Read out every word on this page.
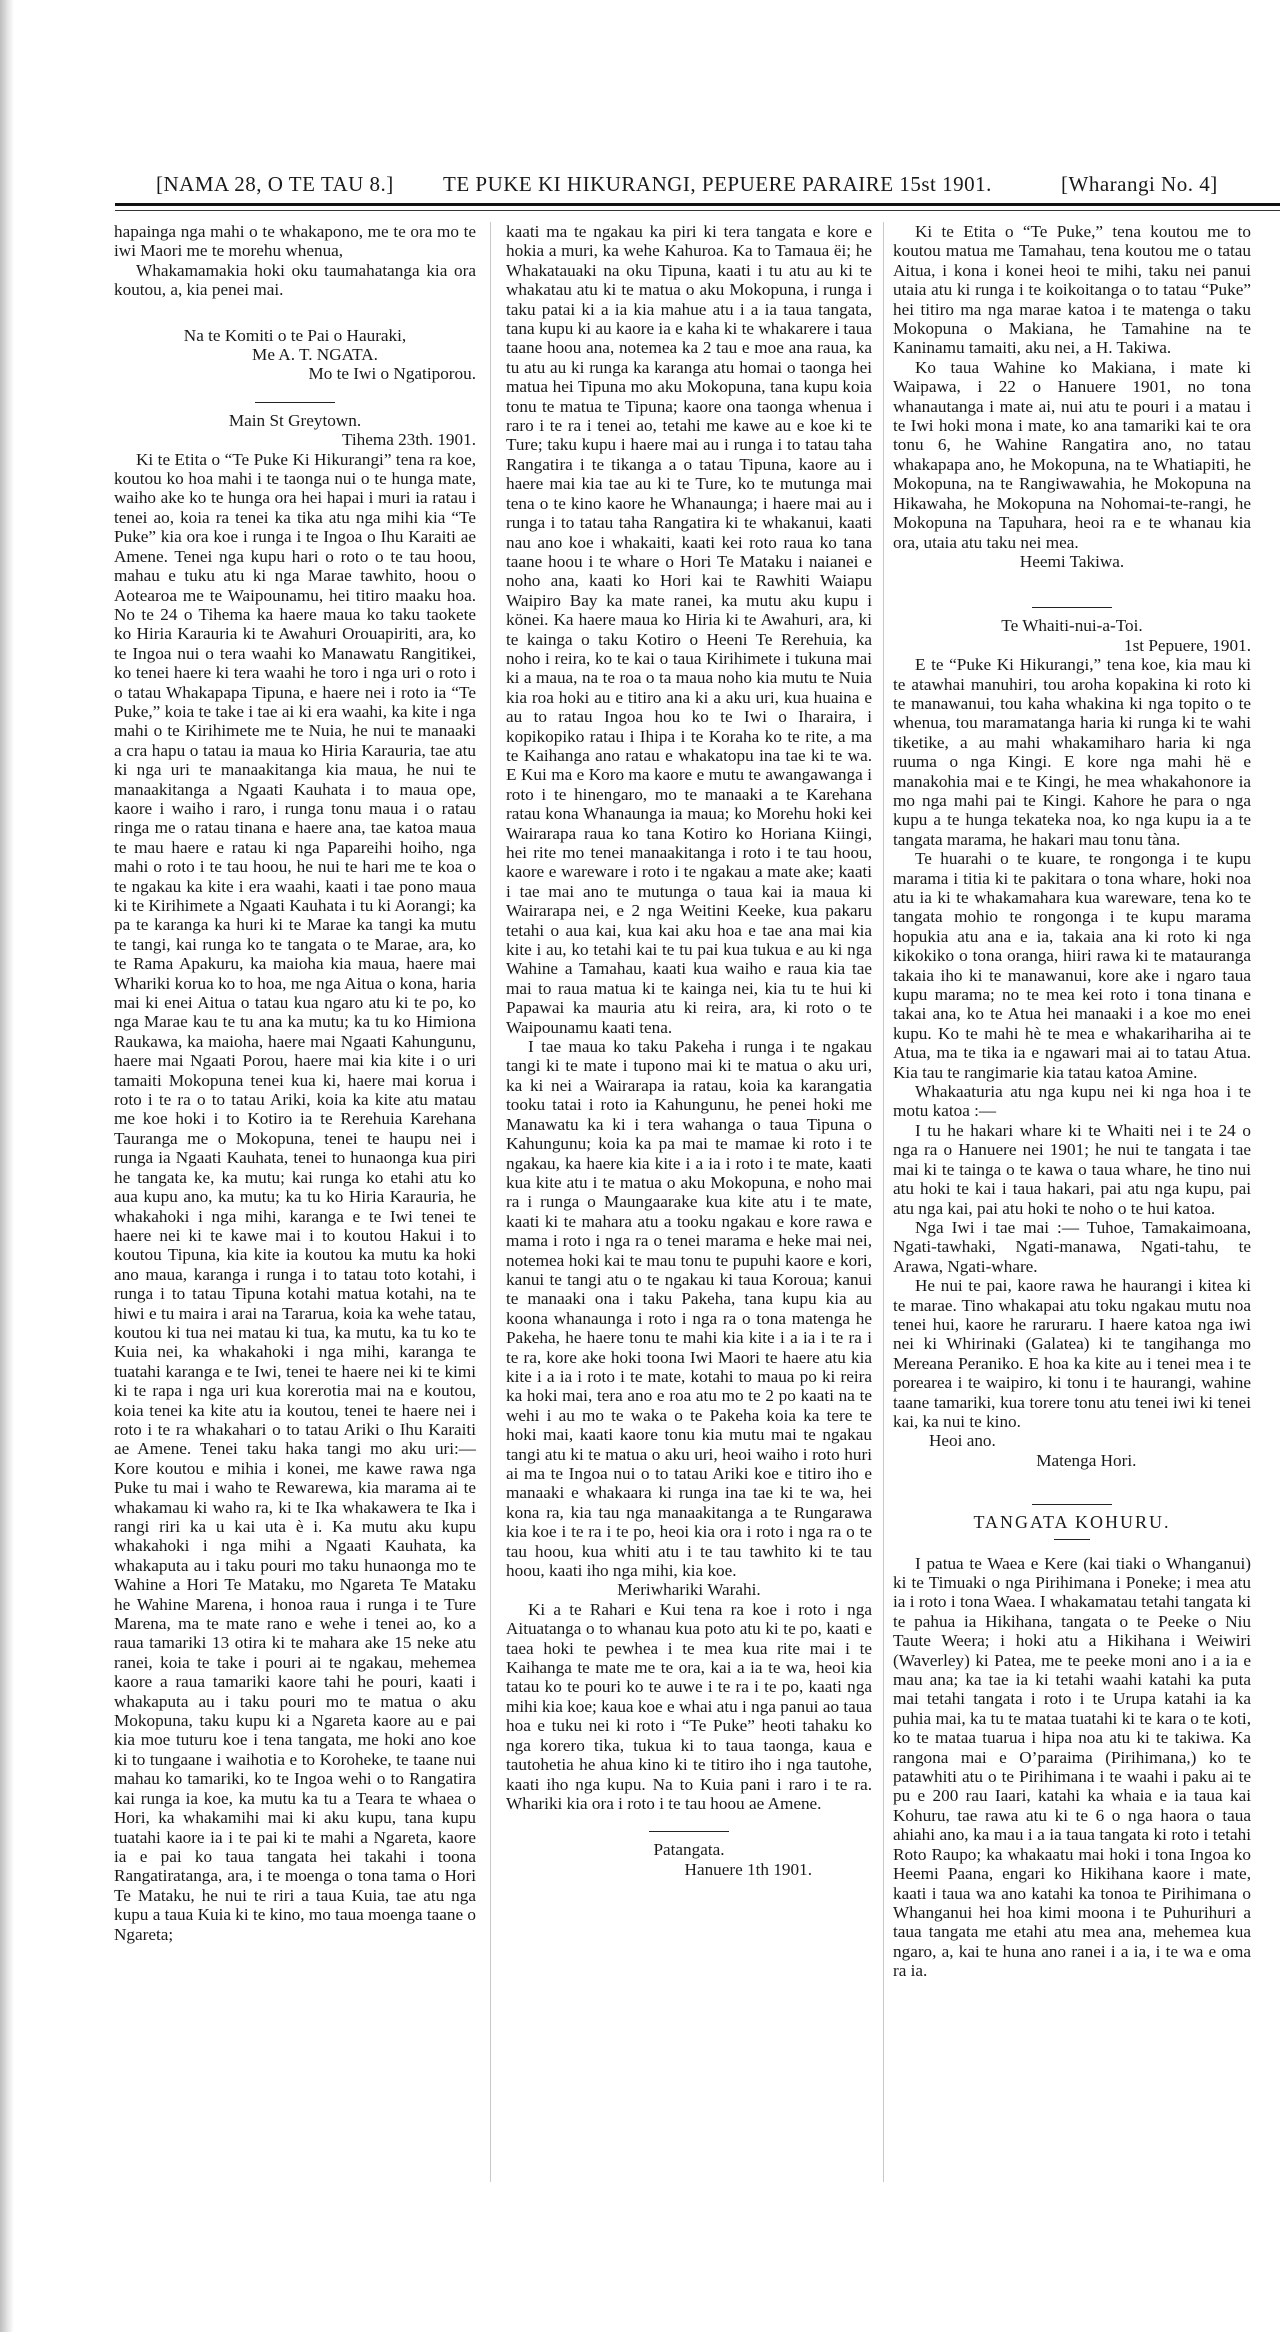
[NAMA 28, O TE TAU 8.] TE PUKE KI HIKURANGI, PEPUERE PARAIRE 15st 1901.	[Wharangi No. 4]

hapainga nga mahi o te whakapono, me te ora mo te iwi Maori me te morehu whenua,

Whakamamakia hoki oku taumahatanga kia ora koutou, a, kia penei mai.

Na te Komiti o te Pai o Hauraki,

Me A. T. NGATA.

Mo te Iwi o Ngatiporou.

Main St Greytown.

Tihema 23th. 1901.

Ki te Etita o “Te Puke Ki Hikurangi” tena ra koe, koutou ko hoa mahi i te taonga nui o te hunga mate, waiho ake ko te hunga ora hei hapai i muri ia ratau i tenei ao, koia ra tenei ka tika atu nga mihi kia “Te Puke” kia ora koe i runga i te Ingoa o Ihu Karaiti ae Amene. Tenei nga kupu hari o roto o te tau hoou, mahau e tuku atu ki nga Marae tawhito, hoou o Aotearoa me te Waipounamu, hei titiro maaku hoa. No te 24 o Tihema ka haere maua ko taku taokete ko Hiria Karauria ki te Awahuri Orouapiriti, ara, ko te Ingoa nui o tera waahi ko Manawatu Rangitikei, ko tenei haere ki tera waahi he toro i nga uri o roto i o tatau Whakapapa Tipuna, e haere nei i roto ia “Te Puke,” koia te take i tae ai ki era waahi, ka kite i nga mahi o te Kirihimete me te Nuia, he nui te manaaki a cra hapu o tatau ia maua ko Hiria Karauria, tae atu ki nga uri te manaakitanga kia maua, he nui te manaakitanga a Ngaati Kauhata i to maua ope, kaore i waiho i raro, i runga tonu maua i o ratau ringa me o ratau tinana e haere ana, tae katoa maua te mau haere e ratau ki nga Papareihi hoiho, nga mahi o roto i te tau hoou, he nui te hari me te koa o te ngakau ka kite i era waahi, kaati i tae pono maua ki te Kirihimete a Ngaati Kauhata i tu ki Aorangi; ka pa te karanga ka huri ki te Marae ka tangi ka mutu te tangi, kai runga ko te tangata o te Marae, ara, ko te Rama Apakuru, ka maioha kia maua, haere mai Whariki korua ko to hoa, me nga Aitua o kona, haria mai ki enei Aitua o tatau kua ngaro atu ki te po, ko nga Marae kau te tu ana ka mutu; ka tu ko Himiona Raukawa, ka maioha, haere mai Ngaati Kahungunu, haere mai Ngaati Porou, haere mai kia kite i o uri tamaiti Mokopuna tenei kua ki, haere mai korua i roto i te ra o to tatau Ariki, koia ka kite atu matau me koe hoki i to Kotiro ia te Rerehuia Karehana Tauranga me o Mokopuna, tenei te haupu nei i runga ia Ngaati Kauhata, tenei to hunaonga kua piri he tangata ke, ka mutu; kai runga ko etahi atu ko aua kupu ano, ka mutu; ka tu ko Hiria Karauria, he whakahoki i nga mihi, karanga e te Iwi tenei te haere nei ki te kawe mai i to koutou Hakui i to koutou Tipuna, kia kite ia koutou ka mutu ka hoki ano maua, karanga i runga i to tatau toto kotahi, i runga i to tatau Tipuna kotahi matua kotahi, na te hiwi e tu maira i arai na Tararua, koia ka wehe tatau, koutou ki tua nei matau ki tua, ka mutu, ka tu ko te Kuia nei, ka whakahoki i nga mihi, karanga te tuatahi karanga e te Iwi, tenei te haere nei ki te kimi ki te rapa i nga uri kua korerotia mai na e koutou, koia tenei ka kite atu ia koutou, tenei te haere nei i roto i te ra whakahari o to tatau Ariki o Ihu Karaiti ae Amene. Tenei taku haka tangi mo aku uri:— Kore koutou e mihia i konei, me kawe rawa nga Puke tu mai i waho te Rewarewa, kia marama ai te whakamau ki waho ra, ki te Ika whakawera te Ika i rangi riri ka u kai uta è i. Ka mutu aku kupu whakahoki i nga mihi a Ngaati Kauhata, ka whakaputa au i taku pouri mo taku hunaonga mo te Wahine a Hori Te Mataku, mo Ngareta Te Mataku he Wahine Marena, i honoa raua i runga i te Ture Marena, ma te mate rano e wehe i tenei ao, ko a raua tamariki 13 otira ki te mahara ake 15 neke atu ranei, koia te take i pouri ai te ngakau, mehemea kaore a raua tamariki kaore tahi he pouri, kaati i whakaputa au i taku pouri mo te matua o aku Mokopuna, taku kupu ki a Ngareta kaore au e pai kia moe tuturu koe i tena tangata, me hoki ano koe ki to tungaane i waihotia e to Koroheke, te taane nui mahau ko tamariki, ko te Ingoa wehi o to Rangatira kai runga ia koe, ka mutu ka tu a Teara te whaea o Hori, ka whakamihi mai ki aku kupu, tana kupu tuatahi kaore ia i te pai ki te mahi a Ngareta, kaore ia e pai ko taua tangata hei takahi i toona Rangatiratanga, ara, i te moenga o tona tama o Hori Te Mataku, he nui te riri a taua Kuia, tae atu nga kupu a taua Kuia ki te kino, mo taua moenga taane o Ngareta;

kaati ma te ngakau ka piri ki tera tangata e kore e hokia a muri, ka wehe Kahuroa. Ka to Tamaua ëi; he Whakatauaki na oku Tipuna, kaati i tu atu au ki te whakatau atu ki te matua o aku Mokopuna, i runga i taku patai ki a ia kia mahue atu i a ia taua tangata, tana kupu ki au kaore ia e kaha ki te whakarere i taua taane hoou ana, notemea ka 2 tau e moe ana raua, ka tu atu au ki runga ka karanga atu homai o taonga hei matua hei Tipuna mo aku Mokopuna, tana kupu koia tonu te matua te Tipuna; kaore ona taonga whenua i raro i te ra i tenei ao, tetahi me kawe au e koe ki te Ture; taku kupu i haere mai au i runga i to tatau taha Rangatira i te tikanga a o tatau Tipuna, kaore au i haere mai kia tae au ki te Ture, ko te mutunga mai tena o te kino kaore he Whanaunga; i haere mai au i runga i to tatau taha Rangatira ki te whakanui, kaati nau ano koe i whakaiti, kaati kei roto raua ko tana taane hoou i te whare o Hori Te Mataku i naianei e noho ana, kaati ko Hori kai te Rawhiti Waiapu Waipiro Bay ka mate ranei, ka mutu aku kupu i könei. Ka haere maua ko Hiria ki te Awahuri, ara, ki te kainga o taku Kotiro o Heeni Te Rerehuia, ka noho i reira, ko te kai o taua Kirihimete i tukuna mai ki a maua, na te roa o ta maua noho kia mutu te Nuia kia roa hoki au e titiro ana ki a aku uri, kua huaina e au to ratau Ingoa hou ko te Iwi o Iharaira, i kopikopiko ratau i Ihipa i te Koraha ko te rite, a ma te Kaihanga ano ratau e whakatopu ina tae ki te wa. E Kui ma e Koro ma kaore e mutu te awangawanga i roto i te hinengaro, mo te manaaki a te Karehana ratau kona Whanaunga ia maua; ko Morehu hoki kei Wairarapa raua ko tana Kotiro ko Horiana Kiingi, hei rite mo tenei manaakitanga i roto i te tau hoou, kaore e wareware i roto i te ngakau a mate ake; kaati i tae mai ano te mutunga o taua kai ia maua ki Wairarapa nei, e 2 nga Weitini Keeke, kua pakaru tetahi o aua kai, kua kai aku hoa e tae ana mai kia kite i au, ko tetahi kai te tu pai kua tukua e au ki nga Wahine a Tamahau, kaati kua waiho e raua kia tae mai to raua matua ki te kainga nei, kia tu te hui ki Papawai ka mauria atu ki reira, ara, ki roto o te Waipounamu kaati tena.

I tae maua ko taku Pakeha i runga i te ngakau tangi ki te mate i tupono mai ki te matua o aku uri, ka ki nei a Wairarapa ia ratau, koia ka karangatia tooku tatai i roto ia Kahungunu, he penei hoki me Manawatu ka ki i tera wahanga o taua Tipuna o Kahungunu; koia ka pa mai te mamae ki roto i te ngakau, ka haere kia kite i a ia i roto i te mate, kaati kua kite atu i te matua o aku Mokopuna, e noho mai ra i runga o Maungaarake kua kite atu i te mate, kaati ki te mahara atu a tooku ngakau e kore rawa e mama i roto i nga ra o tenei marama e heke mai nei, notemea hoki kai te mau tonu te pupuhi kaore e kori, kanui te tangi atu o te ngakau ki taua Koroua; kanui te manaaki ona i taku Pakeha, tana kupu kia au koona whanaunga i roto i nga ra o tona matenga he Pakeha, he haere tonu te mahi kia kite i a ia i te ra i te ra, kore ake hoki toona Iwi Maori te haere atu kia kite i a ia i roto i te mate, kotahi to maua po ki reira ka hoki mai, tera ano e roa atu mo te 2 po kaati na te wehi i au mo te waka o te Pakeha koia ka tere te hoki mai, kaati kaore tonu kia mutu mai te ngakau tangi atu ki te matua o aku uri, heoi waiho i roto huri ai ma te Ingoa nui o to tatau Ariki koe e titiro iho e manaaki e whakaara ki runga ina tae ki te wa, hei kona ra, kia tau nga manaakitanga a te Rungarawa kia koe i te ra i te po, heoi kia ora i roto i nga ra o te tau hoou, kua whiti atu i te tau tawhito ki te tau hoou, kaati iho nga mihi, kia koe.

Meriwhariki Warahi.

Ki a te Rahari e Kui tena ra koe i roto i nga Aituatanga o to whanau kua poto atu ki te po, kaati e taea hoki te pewhea i te mea kua rite mai i te Kaihanga te mate me te ora, kai a ia te wa, heoi kia tatau ko te pouri ko te auwe i te ra i te po, kaati nga mihi kia koe; kaua koe e whai atu i nga panui ao taua hoa e tuku nei ki roto i “Te Puke” heoti tahaku ko nga korero tika, tukua ki to taua taonga, kaua e tautohetia he ahua kino ki te titiro iho i nga tautohe, kaati iho nga kupu. Na to Kuia pani i raro i te ra. Whariki kia ora i roto i te tau hoou ae Amene.

Patangata.

Hanuere 1th 1901.

Ki te Etita o “Te Puke,” tena koutou me to koutou matua me Tamahau, tena koutou me o tatau Aitua, i kona i konei heoi te mihi, taku nei panui utaia atu ki runga i te koikoitanga o to tatau “Puke” hei titiro ma nga marae katoa i te matenga o taku Mokopuna o Makiana, he Tamahine na te Kaninamu tamaiti, aku nei, a H. Takiwa.

Ko taua Wahine ko Makiana, i mate ki Waipawa, i 22 o Hanuere 1901, no tona whanautanga i mate ai, nui atu te pouri i a matau i te Iwi hoki mona i mate, ko ana tamariki kai te ora tonu 6, he Wahine Rangatira ano, no tatau whakapapa ano, he Mokopuna, na te Whatiapiti, he Mokopuna, na te Rangiwawahia, he Mokopuna na Hikawaha, he Mokopuna na Nohomai-te-rangi, he Mokopuna na Tapuhara, heoi ra e te whanau kia ora, utaia atu taku nei mea.

Heemi Takiwa.

Te Whaiti-nui-a-Toi.

1st Pepuere, 1901.

E te “Puke Ki Hikurangi,” tena koe, kia mau ki te atawhai manuhiri, tou aroha kopakina ki roto ki te manawanui, tou kaha whakina ki nga topito o te whenua, tou maramatanga haria ki runga ki te wahi tiketike, a au mahi whakamiharo haria ki nga ruuma o nga Kingi. E kore nga mahi hë e manakohia mai e te Kingi, he mea whakahonore ia mo nga mahi pai te Kingi. Kahore he para o nga kupu a te hunga tekateka noa, ko nga kupu ia a te tangata marama, he hakari mau tonu tàna.

Te huarahi o te kuare, te rongonga i te kupu marama i titia ki te pakitara o tona whare, hoki noa atu ia ki te whakamahara kua wareware, tena ko te tangata mohio te rongonga i te kupu marama hopukia atu ana e ia, takaia ana ki roto ki nga kikokiko o tona oranga, hiiri rawa ki te matauranga takaia iho ki te manawanui, kore ake i ngaro taua kupu marama; no te mea kei roto i tona tinana e takai ana, ko te Atua hei manaaki i a koe mo enei kupu. Ko te mahi hè te mea e whakarihariha ai te Atua, ma te tika ia e ngawari mai ai to tatau Atua. Kia tau te rangimarie kia tatau katoa Amine.

Whakaaturia atu nga kupu nei ki nga hoa i te motu katoa :—

I tu he hakari whare ki te Whaiti nei i te 24 o nga ra o Hanuere nei 1901; he nui te tangata i tae mai ki te tainga o te kawa o taua whare, he tino nui atu hoki te kai i taua hakari, pai atu nga kupu, pai atu nga kai, pai atu hoki te noho o te hui katoa.

Nga Iwi i tae mai :— Tuhoe, Tamakaimoana, Ngati-tawhaki, Ngati-manawa, Ngati-tahu, te Arawa, Ngati-whare.

He nui te pai, kaore rawa he haurangi i kitea ki te marae. Tino whakapai atu toku ngakau mutu noa tenei hui, kaore he raruraru. I haere katoa nga iwi nei ki Whirinaki (Galatea) ki te tangihanga mo Mereana Peraniko. E hoa ka kite au i tenei mea i te porearea i te waipiro, ki tonu i te haurangi, wahine taane tamariki, kua torere tonu atu tenei iwi ki tenei kai, ka nui te kino.

Heoi ano.

Matenga Hori.

TANGATA KOHURU.

I patua te Waea e Kere (kai tiaki o Whanganui) ki te Timuaki o nga Pirihimana i Poneke; i mea atu ia i roto i tona Waea. I whakamatau tetahi tangata ki te pahua ia Hikihana, tangata o te Peeke o Niu Taute Weera; i hoki atu a Hikihana i Weiwiri (Waverley) ki Patea, me te peeke moni ano i a ia e mau ana; ka tae ia ki tetahi waahi katahi ka puta mai tetahi tangata i roto i te Urupa katahi ia ka puhia mai, ka tu te mataa tuatahi ki te kara o te koti, ko te mataa tuarua i hipa noa atu ki te takiwa. Ka rangona mai e O’paraima (Pirihimana,) ko te patawhiti atu o te Pirihimana i te waahi i paku ai te pu e 200 rau Iaari, katahi ka whaia e ia taua kai Kohuru, tae rawa atu ki te 6 o nga haora o taua ahiahi ano, ka mau i a ia taua tangata ki roto i tetahi Roto Raupo; ka whakaatu mai hoki i tona Ingoa ko Heemi Paana, engari ko Hikihana kaore i mate, kaati i taua wa ano katahi ka tonoa te Pirihimana o Whanganui hei hoa kimi moona i te Puhurihuri a taua tangata me etahi atu mea ana, mehemea kua ngaro, a, kai te huna ano ranei i a ia, i te wa e oma ra ia.
